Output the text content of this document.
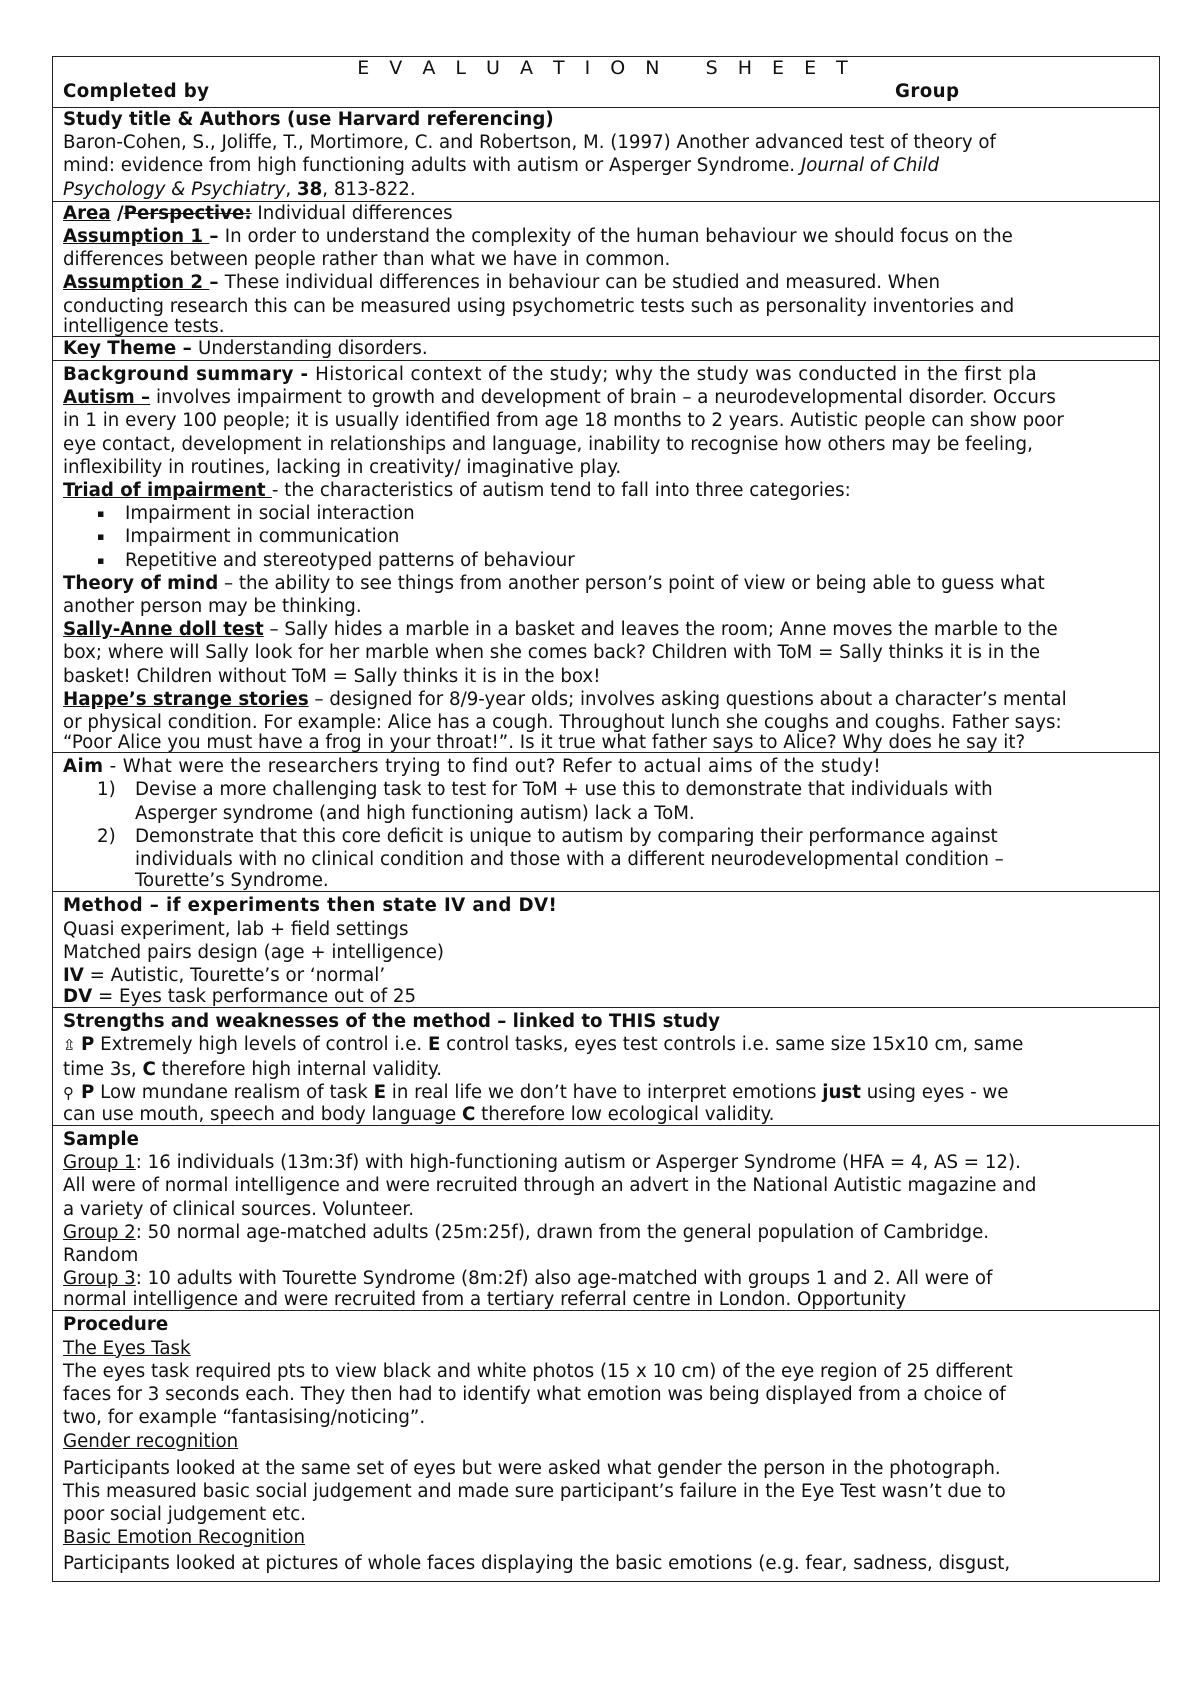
E V A L U A T I O N   S H E E T
Completed by	Group

Study title & Authors (use Harvard referencing)
Baron-Cohen, S., Joliffe, T., Mortimore, C. and Robertson, M. (1997) Another advanced test of theory of
mind: evidence from high functioning adults with autism or Asperger Syndrome. Journal of Child
Psychology & Psychiatry, 38, 813-822.

Area /Perspective: Individual differences
Assumption 1 – In order to understand the complexity of the human behaviour we should focus on the
differences between people rather than what we have in common.
Assumption 2 – These individual differences in behaviour can be studied and measured. When
conducting research this can be measured using psychometric tests such as personality inventories and
intelligence tests.

Key Theme – Understanding disorders.

Background summary - Historical context of the study; why the study was conducted in the first pla
Autism – involves impairment to growth and development of brain – a neurodevelopmental disorder. Occurs
in 1 in every 100 people; it is usually identified from age 18 months to 2 years. Autistic people can show poor
eye contact, development in relationships and language, inability to recognise how others may be feeling,
inflexibility in routines, lacking in creativity/ imaginative play.
Triad of impairment - the characteristics of autism tend to fall into three categories:
▪ Impairment in social interaction
▪ Impairment in communication
▪ Repetitive and stereotyped patterns of behaviour
Theory of mind – the ability to see things from another person’s point of view or being able to guess what
another person may be thinking.
Sally-Anne doll test – Sally hides a marble in a basket and leaves the room; Anne moves the marble to the
box; where will Sally look for her marble when she comes back? Children with ToM = Sally thinks it is in the
basket! Children without ToM = Sally thinks it is in the box!
Happe’s strange stories – designed for 8/9-year olds; involves asking questions about a character’s mental
or physical condition. For example: Alice has a cough. Throughout lunch she coughs and coughs. Father says:
“Poor Alice you must have a frog in your throat!”. Is it true what father says to Alice? Why does he say it?

Aim - What were the researchers trying to find out? Refer to actual aims of the study!
1) Devise a more challenging task to test for ToM + use this to demonstrate that individuals with
Asperger syndrome (and high functioning autism) lack a ToM.
2) Demonstrate that this core deficit is unique to autism by comparing their performance against
individuals with no clinical condition and those with a different neurodevelopmental condition –
Tourette’s Syndrome.

Method – if experiments then state IV and DV!
Quasi experiment, lab + field settings
Matched pairs design (age + intelligence)
IV = Autistic, Tourette’s or ‘normal’
DV = Eyes task performance out of 25

Strengths and weaknesses of the method – linked to THIS study
⇫ P Extremely high levels of control i.e. E control tasks, eyes test controls i.e. same size 15x10 cm, same
time 3s, C therefore high internal validity.
⚲ P Low mundane realism of task E in real life we don’t have to interpret emotions just using eyes - we
can use mouth, speech and body language C therefore low ecological validity.

Sample
Group 1: 16 individuals (13m:3f) with high-functioning autism or Asperger Syndrome (HFA = 4, AS = 12).
All were of normal intelligence and were recruited through an advert in the National Autistic magazine and
a variety of clinical sources. Volunteer.
Group 2: 50 normal age-matched adults (25m:25f), drawn from the general population of Cambridge.
Random
Group 3: 10 adults with Tourette Syndrome (8m:2f) also age-matched with groups 1 and 2. All were of
normal intelligence and were recruited from a tertiary referral centre in London. Opportunity

Procedure
The Eyes Task
The eyes task required pts to view black and white photos (15 x 10 cm) of the eye region of 25 different
faces for 3 seconds each. They then had to identify what emotion was being displayed from a choice of
two, for example “fantasising/noticing”.
Gender recognition
Participants looked at the same set of eyes but were asked what gender the person in the photograph.
This measured basic social judgement and made sure participant’s failure in the Eye Test wasn’t due to
poor social judgement etc.
Basic Emotion Recognition
Participants looked at pictures of whole faces displaying the basic emotions (e.g. fear, sadness, disgust,
